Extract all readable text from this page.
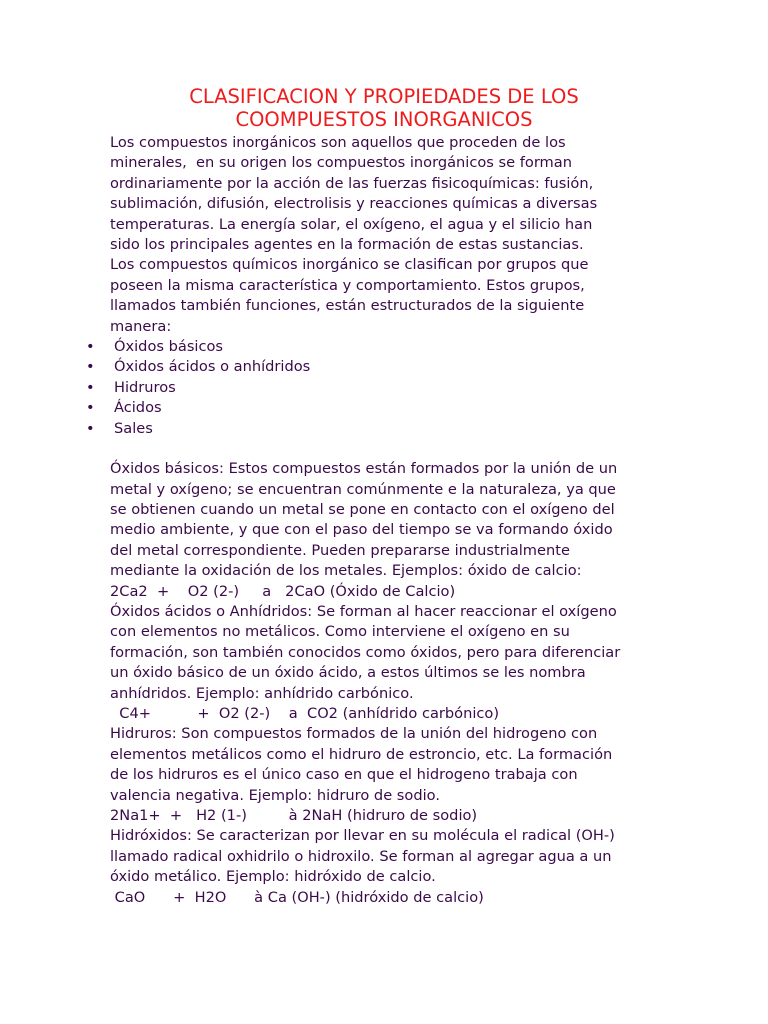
CLASIFICACION Y PROPIEDADES DE LOS
COOMPUESTOS INORGANICOS

Los compuestos inorgánicos son aquellos que proceden de los
minerales,  en su origen los compuestos inorgánicos se forman
ordinariamente por la acción de las fuerzas fisicoquímicas: fusión,
sublimación, difusión, electrolisis y reacciones químicas a diversas
temperaturas. La energía solar, el oxígeno, el agua y el silicio han
sido los principales agentes en la formación de estas sustancias.
Los compuestos químicos inorgánico se clasifican por grupos que
poseen la misma característica y comportamiento. Estos grupos,
llamados también funciones, están estructurados de la siguiente
manera:

•	Óxidos básicos
•	Óxidos ácidos o anhídridos
•	Hidruros
•	Ácidos
•	Sales

Óxidos básicos: Estos compuestos están formados por la unión de un
metal y oxígeno; se encuentran comúnmente e la naturaleza, ya que
se obtienen cuando un metal se pone en contacto con el oxígeno del
medio ambiente, y que con el paso del tiempo se va formando óxido
del metal correspondiente. Pueden prepararse industrialmente
mediante la oxidación de los metales. Ejemplos: óxido de calcio:
2Ca2  +    O2 (2-)     a   2CaO (Óxido de Calcio)
Óxidos ácidos o Anhídridos: Se forman al hacer reaccionar el oxígeno
con elementos no metálicos. Como interviene el oxígeno en su
formación, son también conocidos como óxidos, pero para diferenciar
un óxido básico de un óxido ácido, a estos últimos se les nombra
anhídridos. Ejemplo: anhídrido carbónico.
C4+          +  O2 (2-)    a  CO2 (anhídrido carbónico)
Hidruros: Son compuestos formados de la unión del hidrogeno con
elementos metálicos como el hidruro de estroncio, etc. La formación
de los hidruros es el único caso en que el hidrogeno trabaja con
valencia negativa. Ejemplo: hidruro de sodio.
2Na1+  +   H2 (1-)         à 2NaH (hidruro de sodio)
Hidróxidos: Se caracterizan por llevar en su molécula el radical (OH-)
llamado radical oxhidrilo o hidroxilo. Se forman al agregar agua a un
óxido metálico. Ejemplo: hidróxido de calcio.
CaO      +  H2O      à Ca (OH-) (hidróxido de calcio)
